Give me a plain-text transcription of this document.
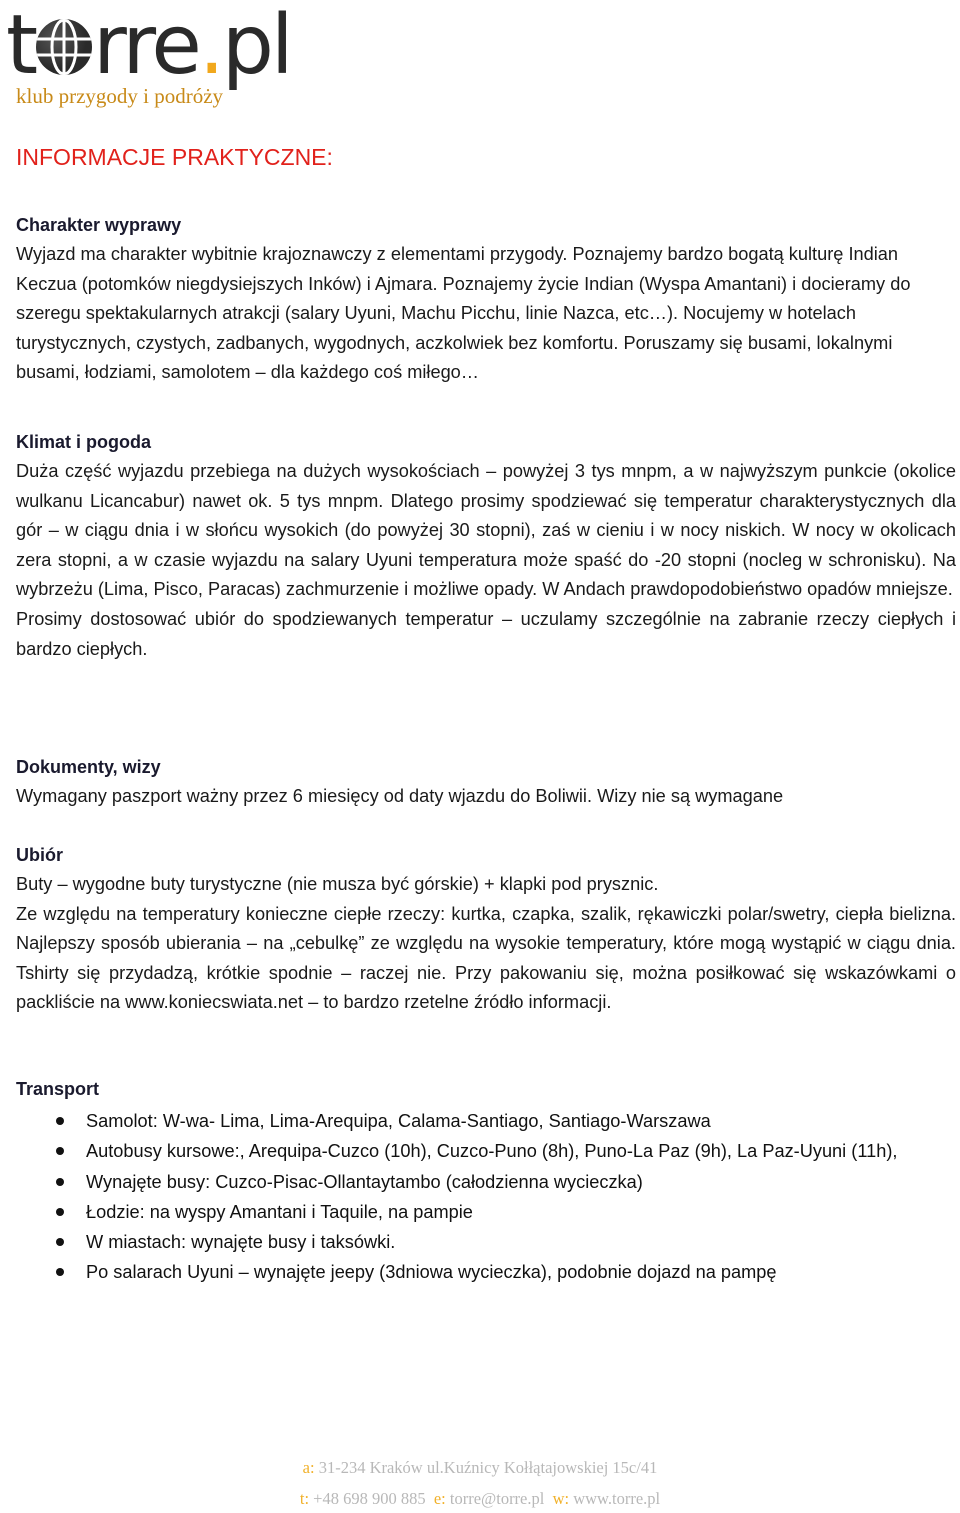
t rre.pl
klub przygody i podróży
INFORMACJE PRAKTYCZNE:
Charakter wyprawy

Wyjazd ma charakter wybitnie krajoznawczy z elementami przygody. Poznajemy bardzo bogatą kulturę Indian Keczua (potomków niegdysiejszych Inków) i Ajmara. Poznajemy życie Indian (Wyspa Amantani) i docieramy do szeregu spektakularnych atrakcji (salary Uyuni, Machu Picchu, linie Nazca, etc…). Nocujemy w hotelach turystycznych, czystych, zadbanych, wygodnych, aczkolwiek bez komfortu. Poruszamy się busami, lokalnymi busami, łodziami, samolotem – dla każdego coś miłego…

Klimat i pogoda

Duża część wyjazdu przebiega na dużych wysokościach – powyżej 3 tys mnpm, a w najwyższym punkcie (okolice wulkanu Licancabur) nawet ok. 5 tys mnpm. Dlatego prosimy spodziewać się temperatur charakterystycznych dla gór – w ciągu dnia i w słońcu wysokich (do powyżej 30 stopni), zaś w cieniu i w nocy niskich. W nocy w okolicach zera stopni, a w czasie wyjazdu na salary Uyuni temperatura może spaść do -20 stopni (nocleg w schronisku). Na wybrzeżu (Lima, Pisco, Paracas) zachmurzenie i możliwe opady. W Andach prawdopodobieństwo opadów mniejsze.

Prosimy dostosować ubiór do spodziewanych temperatur – uczulamy szczególnie na zabranie rzeczy ciepłych i bardzo ciepłych.

Dokumenty, wizy

Wymagany paszport ważny przez 6 miesięcy od daty wjazdu do Boliwii. Wizy nie są wymagane

Ubiór

Buty – wygodne buty turystyczne (nie musza być górskie) + klapki pod prysznic.

Ze względu na temperatury konieczne ciepłe rzeczy: kurtka, czapka, szalik, rękawiczki polar/swetry, ciepła bielizna. Najlepszy sposób ubierania – na „cebulkę” ze względu na wysokie temperatury, które mogą wystąpić w ciągu dnia. Tshirty się przydadzą, krótkie spodnie – raczej nie. Przy pakowaniu się, można posiłkować się wskazówkami o packliście na www.koniecswiata.net – to bardzo rzetelne źródło informacji.

Transport
Samolot: W-wa- Lima, Lima-Arequipa, Calama-Santiago, Santiago-Warszawa
Autobusy kursowe:, Arequipa-Cuzco (10h), Cuzco-Puno (8h), Puno-La Paz (9h), La Paz-Uyuni (11h),
Wynajęte busy: Cuzco-Pisac-Ollantaytambo (całodzienna wycieczka)
Łodzie: na wyspy Amantani i Taquile, na pampie
W miastach: wynajęte busy i taksówki.
Po salarach Uyuni – wynajęte jeepy (3dniowa wycieczka), podobnie dojazd na pampę
a: 31-234 Kraków ul.Kuźnicy Kołłątajowskiej 15c/41
t: +48 698 900 885 e: torre@torre.pl w: www.torre.pl
